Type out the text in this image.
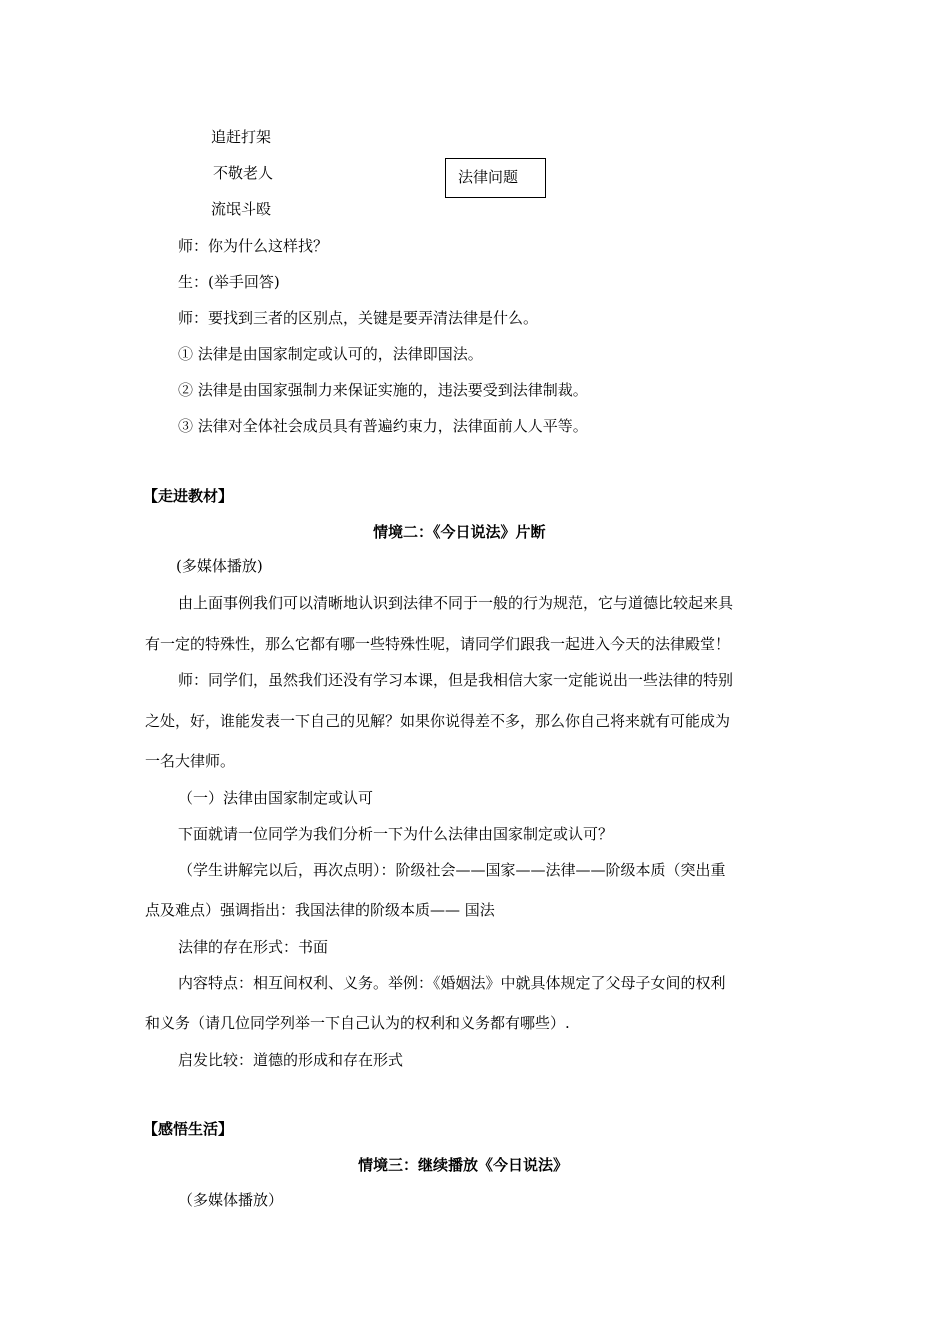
追赶打架
不敬老人
流氓斗殴
法律问题
师：你为什么这样找？
生：(举手回答)
师：要找到三者的区别点，关键是要弄清法律是什么。
① 法律是由国家制定或认可的，法律即国法。
② 法律是由国家强制力来保证实施的，违法要受到法律制裁。
③ 法律对全体社会成员具有普遍约束力，法律面前人人平等。
【走进教材】
情境二：《今日说法》片断
(多媒体播放)
由上面事例我们可以清晰地认识到法律不同于一般的行为规范，它与道德比较起来具
有一定的特殊性，那么它都有哪一些特殊性呢，请同学们跟我一起进入今天的法律殿堂！
师：同学们，虽然我们还没有学习本课，但是我相信大家一定能说出一些法律的特别
之处，好，谁能发表一下自己的见解？如果你说得差不多，那么你自己将来就有可能成为
一名大律师。
（一）法律由国家制定或认可
下面就请一位同学为我们分析一下为什么法律由国家制定或认可？
（学生讲解完以后，再次点明）：阶级社会——国家——法律——阶级本质（突出重
点及难点）强调指出：我国法律的阶级本质—— 国法
法律的存在形式：书面
内容特点：相互间权利、义务。举例：《婚姻法》中就具体规定了父母子女间的权利
和义务（请几位同学列举一下自己认为的权利和义务都有哪些）.
启发比较：道德的形成和存在形式
【感悟生活】
情境三：继续播放《今日说法》
（多媒体播放）
